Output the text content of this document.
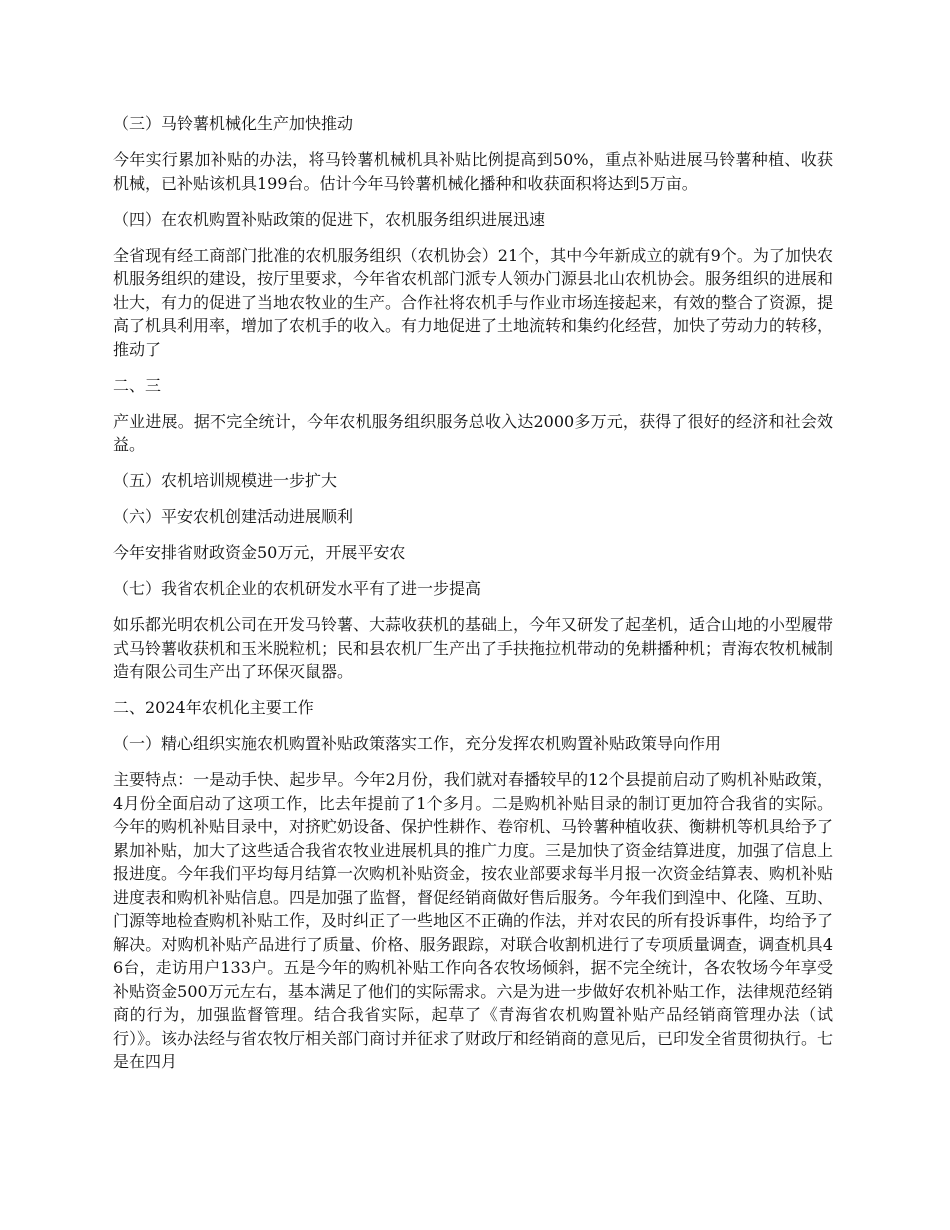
（三）马铃薯机械化生产加快推动

今年实行累加补贴的办法，将马铃薯机械机具补贴比例提高到50%，重点补贴进展马铃薯种植、收获机械，已补贴该机具199台。估计今年马铃薯机械化播种和收获面积将达到5万亩。

（四）在农机购置补贴政策的促进下，农机服务组织进展迅速

全省现有经工商部门批准的农机服务组织（农机协会）21个，其中今年新成立的就有9个。为了加快农机服务组织的建设，按厅里要求，今年省农机部门派专人领办门源县北山农机协会。服务组织的进展和壮大，有力的促进了当地农牧业的生产。合作社将农机手与作业市场连接起来，有效的整合了资源，提高了机具利用率，增加了农机手的收入。有力地促进了土地流转和集约化经营，加快了劳动力的转移，推动了

二、三

产业进展。据不完全统计，今年农机服务组织服务总收入达2000多万元，获得了很好的经济和社会效益。

（五）农机培训规模进一步扩大

（六）平安农机创建活动进展顺利

今年安排省财政资金50万元，开展平安农

（七）我省农机企业的农机研发水平有了进一步提高

如乐都光明农机公司在开发马铃薯、大蒜收获机的基础上，今年又研发了起垄机，适合山地的小型履带式马铃薯收获机和玉米脱粒机；民和县农机厂生产出了手扶拖拉机带动的免耕播种机；青海农牧机械制造有限公司生产出了环保灭鼠器。

二、2024年农机化主要工作

（一）精心组织实施农机购置补贴政策落实工作，充分发挥农机购置补贴政策导向作用

主要特点：一是动手快、起步早。今年2月份，我们就对春播较早的12个县提前启动了购机补贴政策，4月份全面启动了这项工作，比去年提前了1个多月。二是购机补贴目录的制订更加符合我省的实际。今年的购机补贴目录中，对挤贮奶设备、保护性耕作、卷帘机、马铃薯种植收获、衡耕机等机具给予了累加补贴，加大了这些适合我省农牧业进展机具的推广力度。三是加快了资金结算进度，加强了信息上报进度。今年我们平均每月结算一次购机补贴资金，按农业部要求每半月报一次资金结算表、购机补贴进度表和购机补贴信息。四是加强了监督，督促经销商做好售后服务。今年我们到湟中、化隆、互助、门源等地检查购机补贴工作，及时纠正了一些地区不正确的作法，并对农民的所有投诉事件，均给予了解决。对购机补贴产品进行了质量、价格、服务跟踪，对联合收割机进行了专项质量调查，调查机具46台，走访用户133户。五是今年的购机补贴工作向各农牧场倾斜，据不完全统计，各农牧场今年享受补贴资金500万元左右，基本满足了他们的实际需求。六是为进一步做好农机补贴工作，法律规范经销商的行为，加强监督管理。结合我省实际，起草了《青海省农机购置补贴产品经销商管理办法（试行）》。该办法经与省农牧厅相关部门商讨并征求了财政厅和经销商的意见后，已印发全省贯彻执行。七是在四月
